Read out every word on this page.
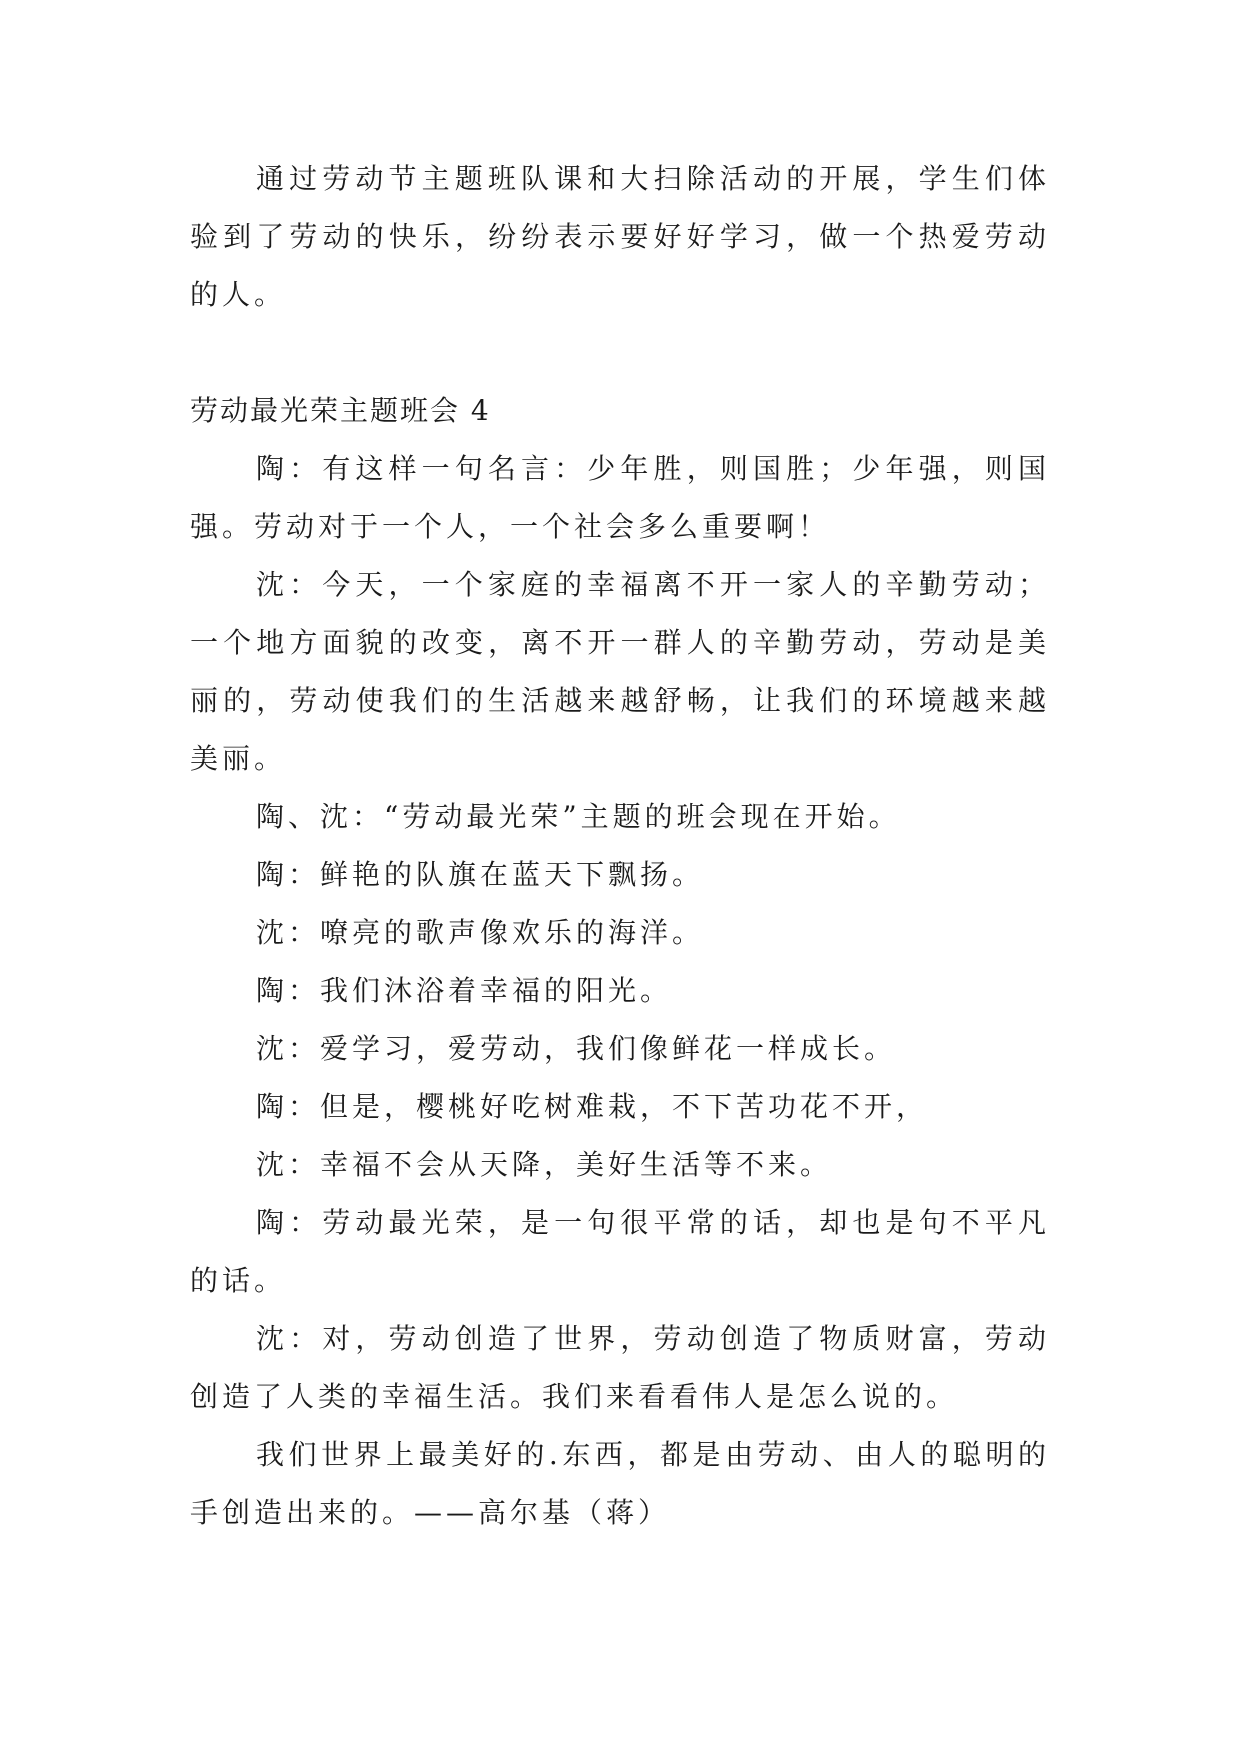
通过劳动节主题班队课和大扫除活动的开展，学生们体验到了劳动的快乐，纷纷表示要好好学习，做一个热爱劳动的人。

劳动最光荣主题班会 4

陶：有这样一句名言：少年胜，则国胜；少年强，则国强。劳动对于一个人，一个社会多么重要啊！

沈：今天，一个家庭的幸福离不开一家人的辛勤劳动；一个地方面貌的改变，离不开一群人的辛勤劳动，劳动是美丽的，劳动使我们的生活越来越舒畅，让我们的环境越来越美丽。

陶、沈：“劳动最光荣”主题的班会现在开始。

陶：鲜艳的队旗在蓝天下飘扬。

沈：嘹亮的歌声像欢乐的海洋。

陶：我们沐浴着幸福的阳光。

沈：爱学习，爱劳动，我们像鲜花一样成长。

陶：但是，樱桃好吃树难栽，不下苦功花不开，

沈：幸福不会从天降，美好生活等不来。

陶：劳动最光荣，是一句很平常的话，却也是句不平凡的话。

沈：对，劳动创造了世界，劳动创造了物质财富，劳动创造了人类的幸福生活。我们来看看伟人是怎么说的。

我们世界上最美好的.东西，都是由劳动、由人的聪明的手创造出来的。——高尔基（蒋）
